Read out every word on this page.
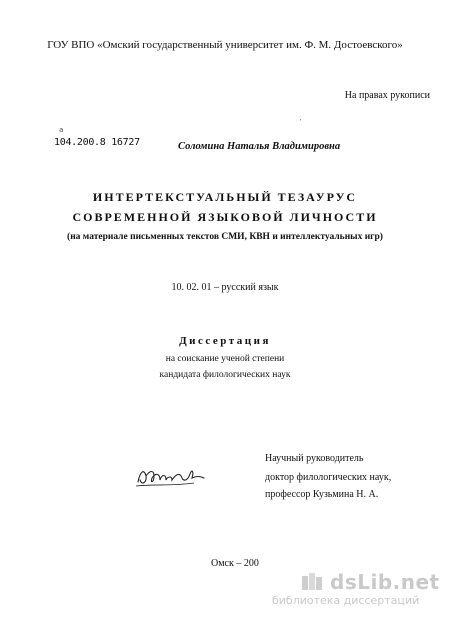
ГОУ ВПО «Омский государственный университет им. Ф. М. Достоевского»
На правах рукописи
а
104.200.8 16727
'
Соломина Наталья Владимировна
ИНТЕРТЕКСТУАЛЬНЫЙ ТЕЗАУРУС
СОВРЕМЕННОЙ ЯЗЫКОВОЙ ЛИЧНОСТИ
(на материале письменных текстов СМИ, КВН и интеллектуальных игр)
10. 02. 01 – русский язык
Диссертация
на соискание ученой степени
кандидата филологических наук
Научный руководитель
доктор филологических наук,
профессор Кузьмина Н. А.
Омск – 200
dsLib.net
библиотека диссертаций
